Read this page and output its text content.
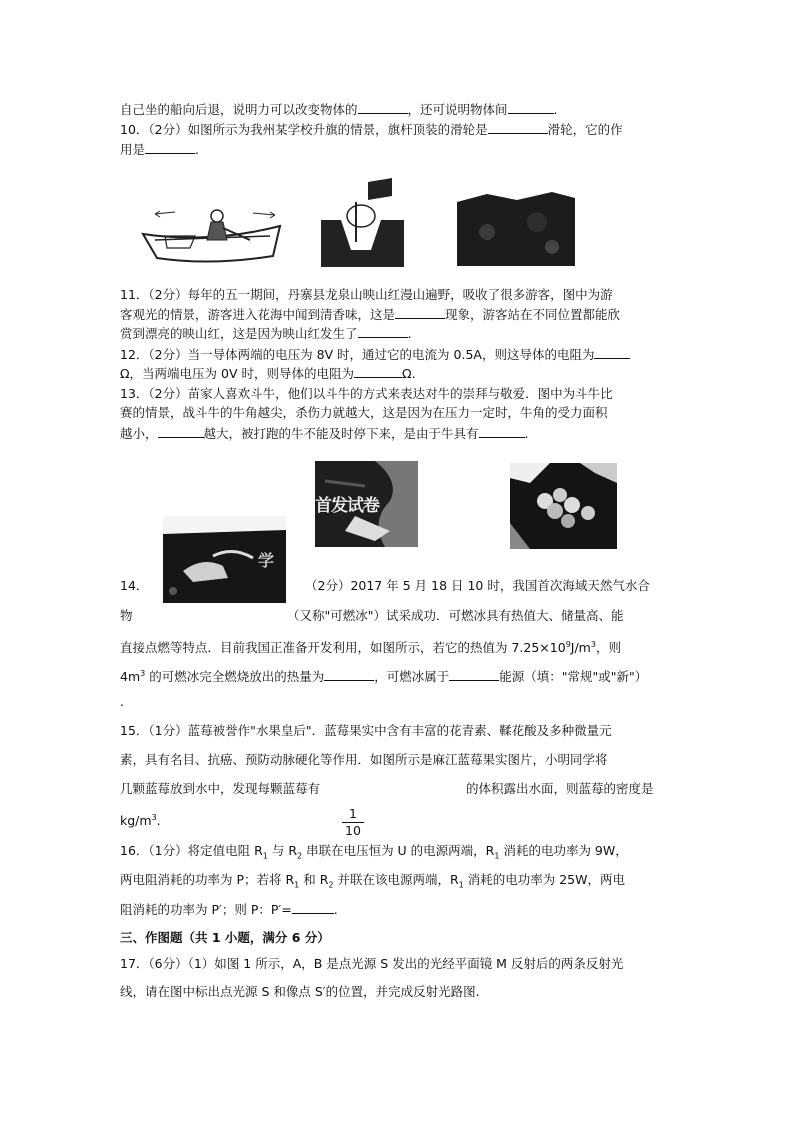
自己坐的船向后退，说明力可以改变物体的	，还可说明物体间	.
10．（2分）如图所示为我州某学校升旗的情景，旗杆顶装的滑轮是	滑轮，它的作
用是	.
11．（2分）每年的五一期间，丹寨县龙泉山映山红漫山遍野，吸收了很多游客，图中为游
客观光的情景，游客进入花海中闻到清香味，这是	现象，游客站在不同位置都能欣
赏到漂亮的映山红，这是因为映山红发生了	.
12．（2分）当一导体两端的电压为 8V 时，通过它的电流为 0.5A，则这导体的电阻为
Ω，当两端电压为 0V 时，则导体的电阻为	Ω.
13．（2分）苗家人喜欢斗牛，他们以斗牛的方式来表达对牛的崇拜与敬爱．图中为斗牛比
赛的情景，战斗牛的牛角越尖，杀伤力就越大，这是因为在压力一定时，牛角的受力面积
越小，	越大，被打跑的牛不能及时停下来，是由于牛具有	.
首发试卷
学
14．	（2分）2017 年 5 月 18 日 10 时，我国首次海域天然气水合
物	（又称"可燃冰"）试采成功．可燃冰具有热值大、储量高、能
直接点燃等特点．目前我国正准备开发利用，如图所示，若它的热值为 $7.25\times 10^9J/m^3$，则
$4m^3$ 的可燃冰完全燃烧放出的热量为	，可燃冰属于	能源（填："常规"或"新"）
.
15．（1分）蓝莓被誉作"水果皇后"．蓝莓果实中含有丰富的花青素、鞣花酸及多种微量元
素，具有名目、抗癌、预防动脉硬化等作用．如图所示是麻江蓝莓果实图片，小明同学将
几颗蓝莓放到水中，发现每颗蓝莓有	的体积露出水面，则蓝莓的密度是
$kg/m^3$.	$\frac{1}{10}$
16．（1分）将定值电阻 $R_1$ 与 $R_2$ 串联在电压恒为 U 的电源两端，$R_1$ 消耗的电功率为 9W，
两电阻消耗的功率为 P；若将 $R_1$ 和 $R_2$ 并联在该电源两端，$R_1$ 消耗的电功率为 25W，两电
阻消耗的功率为 P′；则 P：P′=	.
三、作图题（共 1 小题，满分 6 分）
17．（6分）（1）如图 1 所示，A，B 是点光源 S 发出的光经平面镜 M 反射后的两条反射光
线，请在图中标出点光源 S 和像点 S′的位置，并完成反射光路图.
